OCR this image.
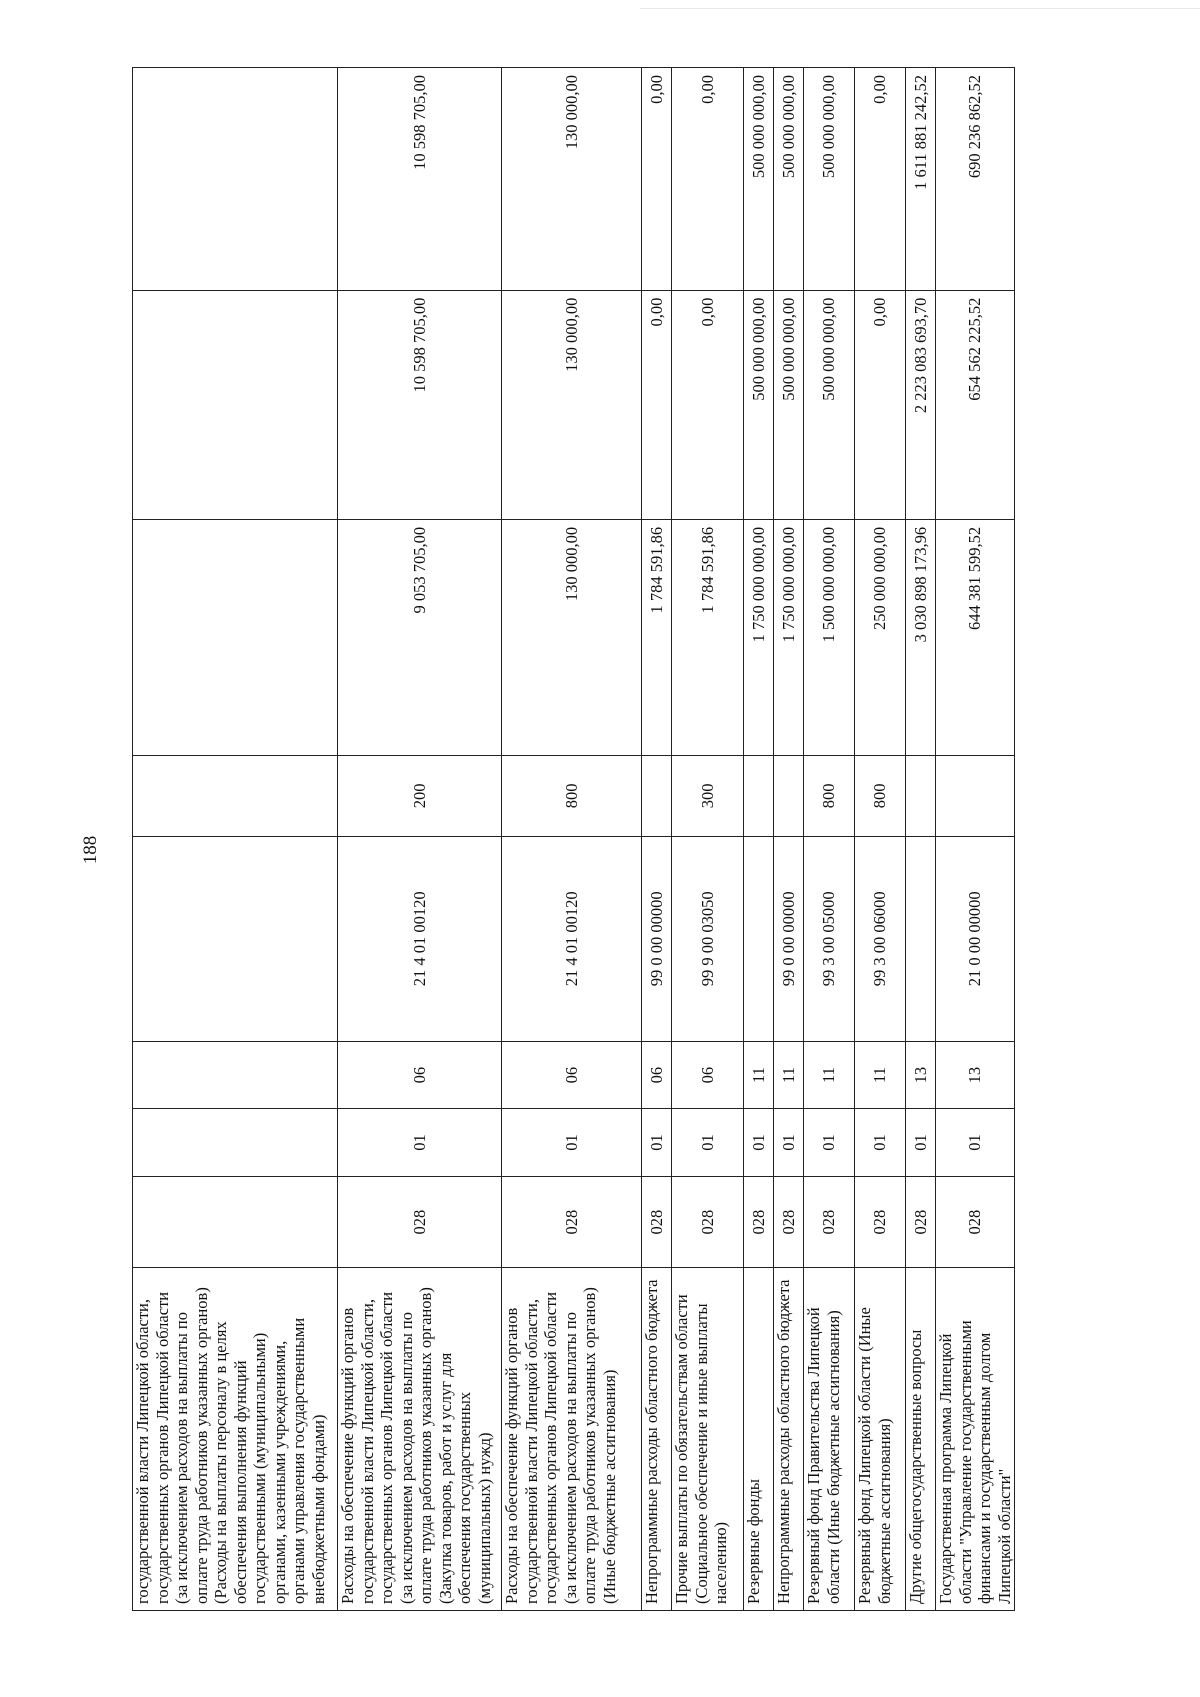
188
государственной власти Липецкой области, государственных органов Липецкой области (за исключением расходов на выплаты по оплате труда работников указанных органов) (Расходы на выплаты персоналу в целях обеспечения выполнения функций государственными (муниципальными) органами, казенными учреждениями, органами управления государственными внебюджетными фондами)								
Расходы на обеспечение функций органов государственной власти Липецкой области, государственных органов Липецкой области (за исключением расходов на выплаты по оплате труда работников указанных органов) (Закупка товаров, работ и услуг для обеспечения государственных (муниципальных) нужд)	028	01	06	21 4 01 00120	200	9 053 705,00	10 598 705,00	10 598 705,00
Расходы на обеспечение функций органов государственной власти Липецкой области, государственных органов Липецкой области (за исключением расходов на выплаты по оплате труда работников указанных органов) (Иные бюджетные ассигнования)	028	01	06	21 4 01 00120	800	130 000,00	130 000,00	130 000,00
Непрограммные расходы областного бюджета	028	01	06	99 0 00 00000		1 784 591,86	0,00	0,00
Прочие выплаты по обязательствам области (Социальное обеспечение и иные выплаты населению)	028	01	06	99 9 00 03050	300	1 784 591,86	0,00	0,00
Резервные фонды	028	01	11			1 750 000 000,00	500 000 000,00	500 000 000,00
Непрограммные расходы областного бюджета	028	01	11	99 0 00 00000		1 750 000 000,00	500 000 000,00	500 000 000,00
Резервный фонд Правительства Липецкой области (Иные бюджетные ассигнования)	028	01	11	99 3 00 05000	800	1 500 000 000,00	500 000 000,00	500 000 000,00
Резервный фонд Липецкой области (Иные бюджетные ассигнования)	028	01	11	99 3 00 06000	800	250 000 000,00	0,00	0,00
Другие общегосударственные вопросы	028	01	13			3 030 898 173,96	2 223 083 693,70	1 611 881 242,52
Государственная программа Липецкой области "Управление государственными финансами и государственным долгом Липецкой области"	028	01	13	21 0 00 00000		644 381 599,52	654 562 225,52	690 236 862,52
